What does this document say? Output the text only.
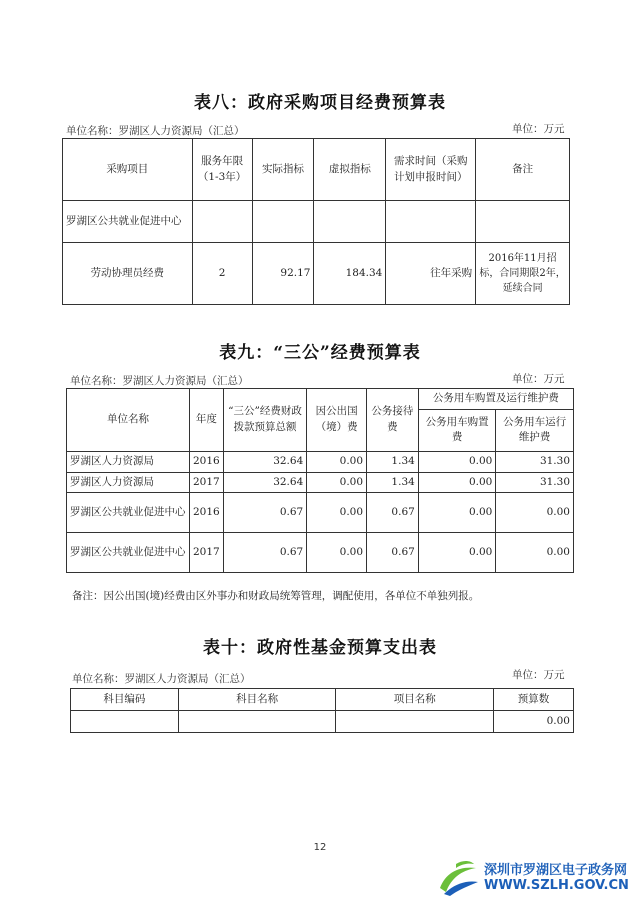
表八：政府采购项目经费预算表
单位名称：罗湖区人力资源局（汇总）	单位：万元
采购项目	服务年限（1-3年）	实际指标	虚拟指标	需求时间（采购计划申报时间）	备注
罗湖区公共就业促进中心					
劳动协理员经费	2	92.17	184.34	往年采购	2016年11月招标，合同期限2年，延续合同
表九：“三公”经费预算表
单位名称：罗湖区人力资源局（汇总）	单位：万元
单位名称	年度	“三公”经费财政拨款预算总额	因公出国（境）费	公务接待费	公务用车购置及运行维护费	
					公务用车购置费	公务用车运行维护费
罗湖区人力资源局	2016	32.64	0.00	1.34	0.00	31.30
罗湖区人力资源局	2017	32.64	0.00	1.34	0.00	31.30
罗湖区公共就业促进中心	2016	0.67	0.00	0.67	0.00	0.00
罗湖区公共就业促进中心	2017	0.67	0.00	0.67	0.00	0.00
备注：因公出国(境)经费由区外事办和财政局统筹管理，调配使用，各单位不单独列报。
表十：政府性基金预算支出表
单位名称：罗湖区人力资源局（汇总）	单位：万元
科目编码	科目名称	项目名称	预算数
			0.00
12
深圳市罗湖区电子政务网
WWW.SZLH.GOV.CN
